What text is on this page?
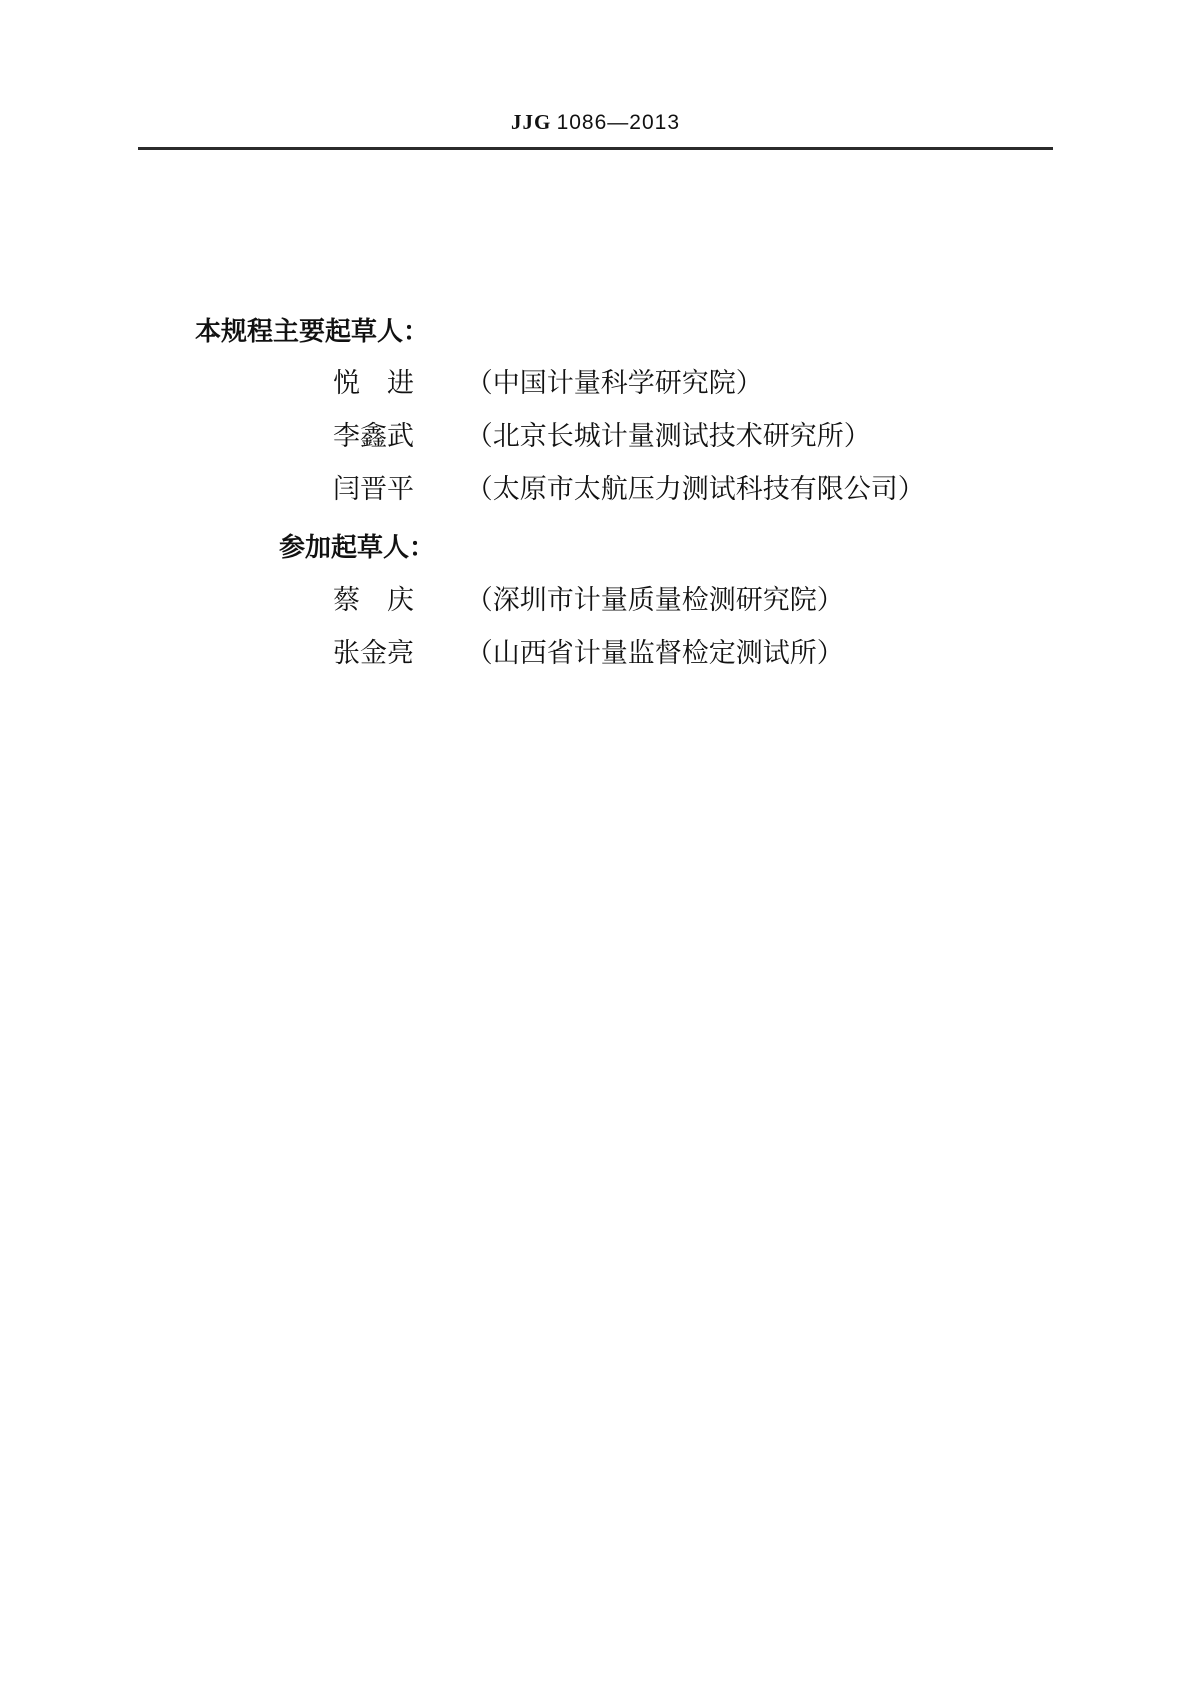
JJG 1086—2013
本规程主要起草人：
悦　进 （中国计量科学研究院）
李鑫武 （北京长城计量测试技术研究所）
闫晋平 （太原市太航压力测试科技有限公司）
参加起草人：
蔡　庆 （深圳市计量质量检测研究院）
张金亮 （山西省计量监督检定测试所）
